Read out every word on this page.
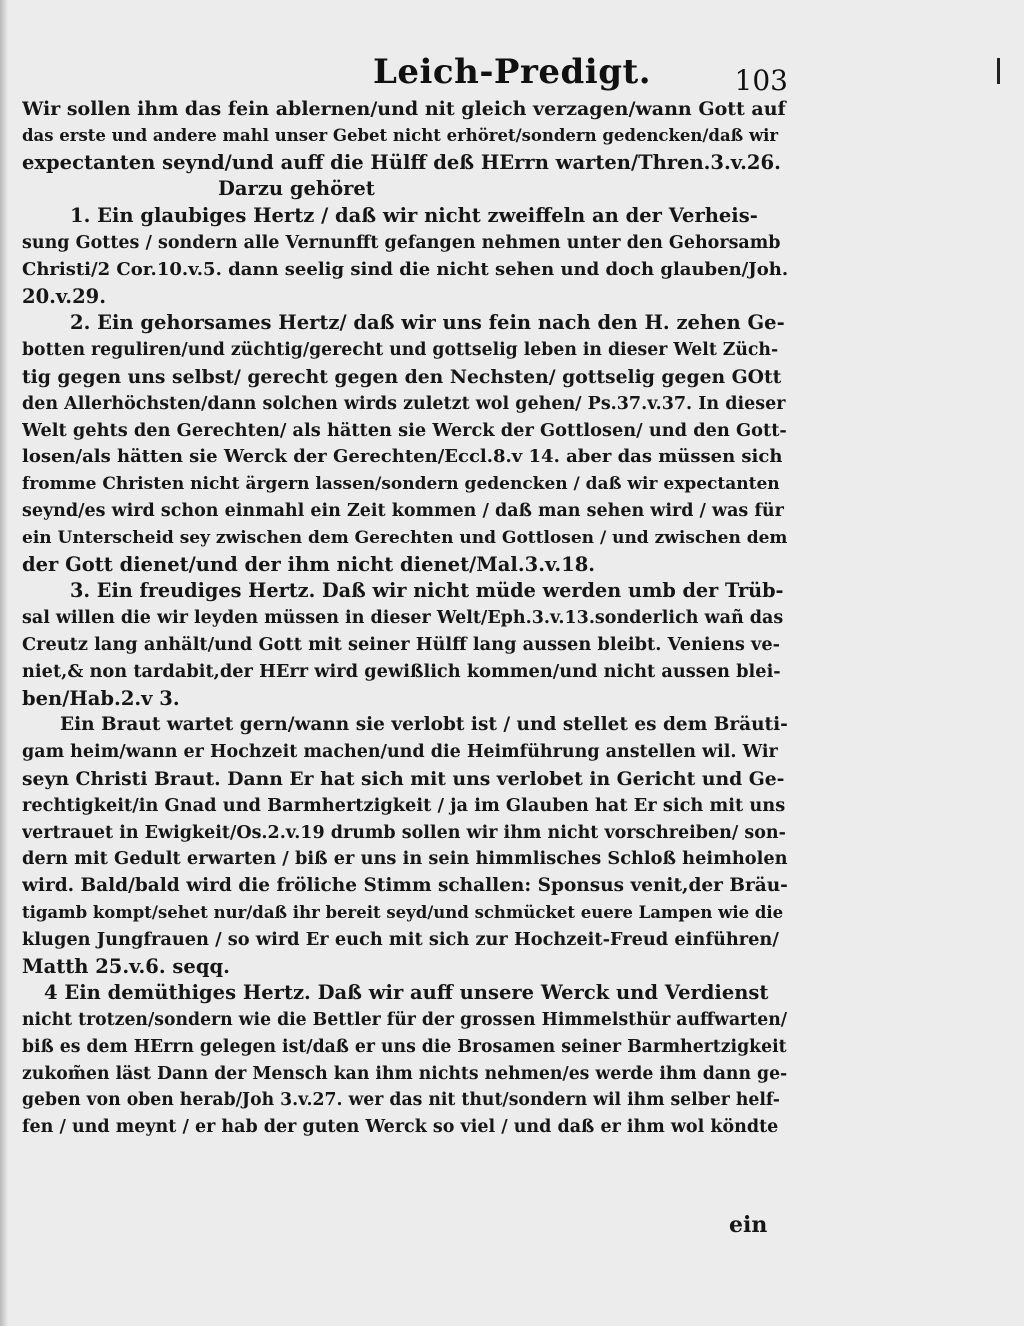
Leich-Predigt.	103
Wir sollen ihm das fein ablernen/und nit gleich verzagen/wann Gott auf
das erste und andere mahl unser Gebet nicht erhöret/sondern gedencken/daß wir
expectanten seynd/und auff die Hülff deß HErrn warten/Thren.3.v.26.
Darzu gehöret
1. Ein glaubiges Hertz / daß wir nicht zweiffeln an der Verheis-
sung Gottes / sondern alle Vernunfft gefangen nehmen unter den Gehorsamb
Christi/2 Cor.10.v.5. dann seelig sind die nicht sehen und doch glauben/Joh.
20.v.29.
2. Ein gehorsames Hertz/ daß wir uns fein nach den H. zehen Ge-
botten reguliren/und züchtig/gerecht und gottselig leben in dieser Welt Züch-
tig gegen uns selbst/ gerecht gegen den Nechsten/ gottselig gegen GOtt
den Allerhöchsten/dann solchen wirds zuletzt wol gehen/ Ps.37.v.37. In dieser
Welt gehts den Gerechten/ als hätten sie Werck der Gottlosen/ und den Gott-
losen/als hätten sie Werck der Gerechten/Eccl.8.v 14. aber das müssen sich
fromme Christen nicht ärgern lassen/sondern gedencken / daß wir expectanten
seynd/es wird schon einmahl ein Zeit kommen / daß man sehen wird / was für
ein Unterscheid sey zwischen dem Gerechten und Gottlosen / und zwischen dem
der Gott dienet/und der ihm nicht dienet/Mal.3.v.18.
3. Ein freudiges Hertz. Daß wir nicht müde werden umb der Trüb-
sal willen die wir leyden müssen in dieser Welt/Eph.3.v.13.sonderlich wañ das
Creutz lang anhält/und Gott mit seiner Hülff lang aussen bleibt. Veniens ve-
niet,& non tardabit,der HErr wird gewißlich kommen/und nicht aussen blei-
ben/Hab.2.v 3.
Ein Braut wartet gern/wann sie verlobt ist / und stellet es dem Bräuti-
gam heim/wann er Hochzeit machen/und die Heimführung anstellen wil. Wir
seyn Christi Braut. Dann Er hat sich mit uns verlobet in Gericht und Ge-
rechtigkeit/in Gnad und Barmhertzigkeit / ja im Glauben hat Er sich mit uns
vertrauet in Ewigkeit/Os.2.v.19 drumb sollen wir ihm nicht vorschreiben/ son-
dern mit Gedult erwarten / biß er uns in sein himmlisches Schloß heimholen
wird. Bald/bald wird die fröliche Stimm schallen: Sponsus venit,der Bräu-
tigamb kompt/sehet nur/daß ihr bereit seyd/und schmücket euere Lampen wie die
klugen Jungfrauen / so wird Er euch mit sich zur Hochzeit-Freud einführen/
Matth 25.v.6. seqq.
4 Ein demüthiges Hertz. Daß wir auff unsere Werck und Verdienst
nicht trotzen/sondern wie die Bettler für der grossen Himmelsthür auffwarten/
biß es dem HErrn gelegen ist/daß er uns die Brosamen seiner Barmhertzigkeit
zukom̃en läst Dann der Mensch kan ihm nichts nehmen/es werde ihm dann ge-
geben von oben herab/Joh 3.v.27. wer das nit thut/sondern wil ihm selber helf-
fen / und meynt / er hab der guten Werck so viel / und daß er ihm wol köndte
ein
